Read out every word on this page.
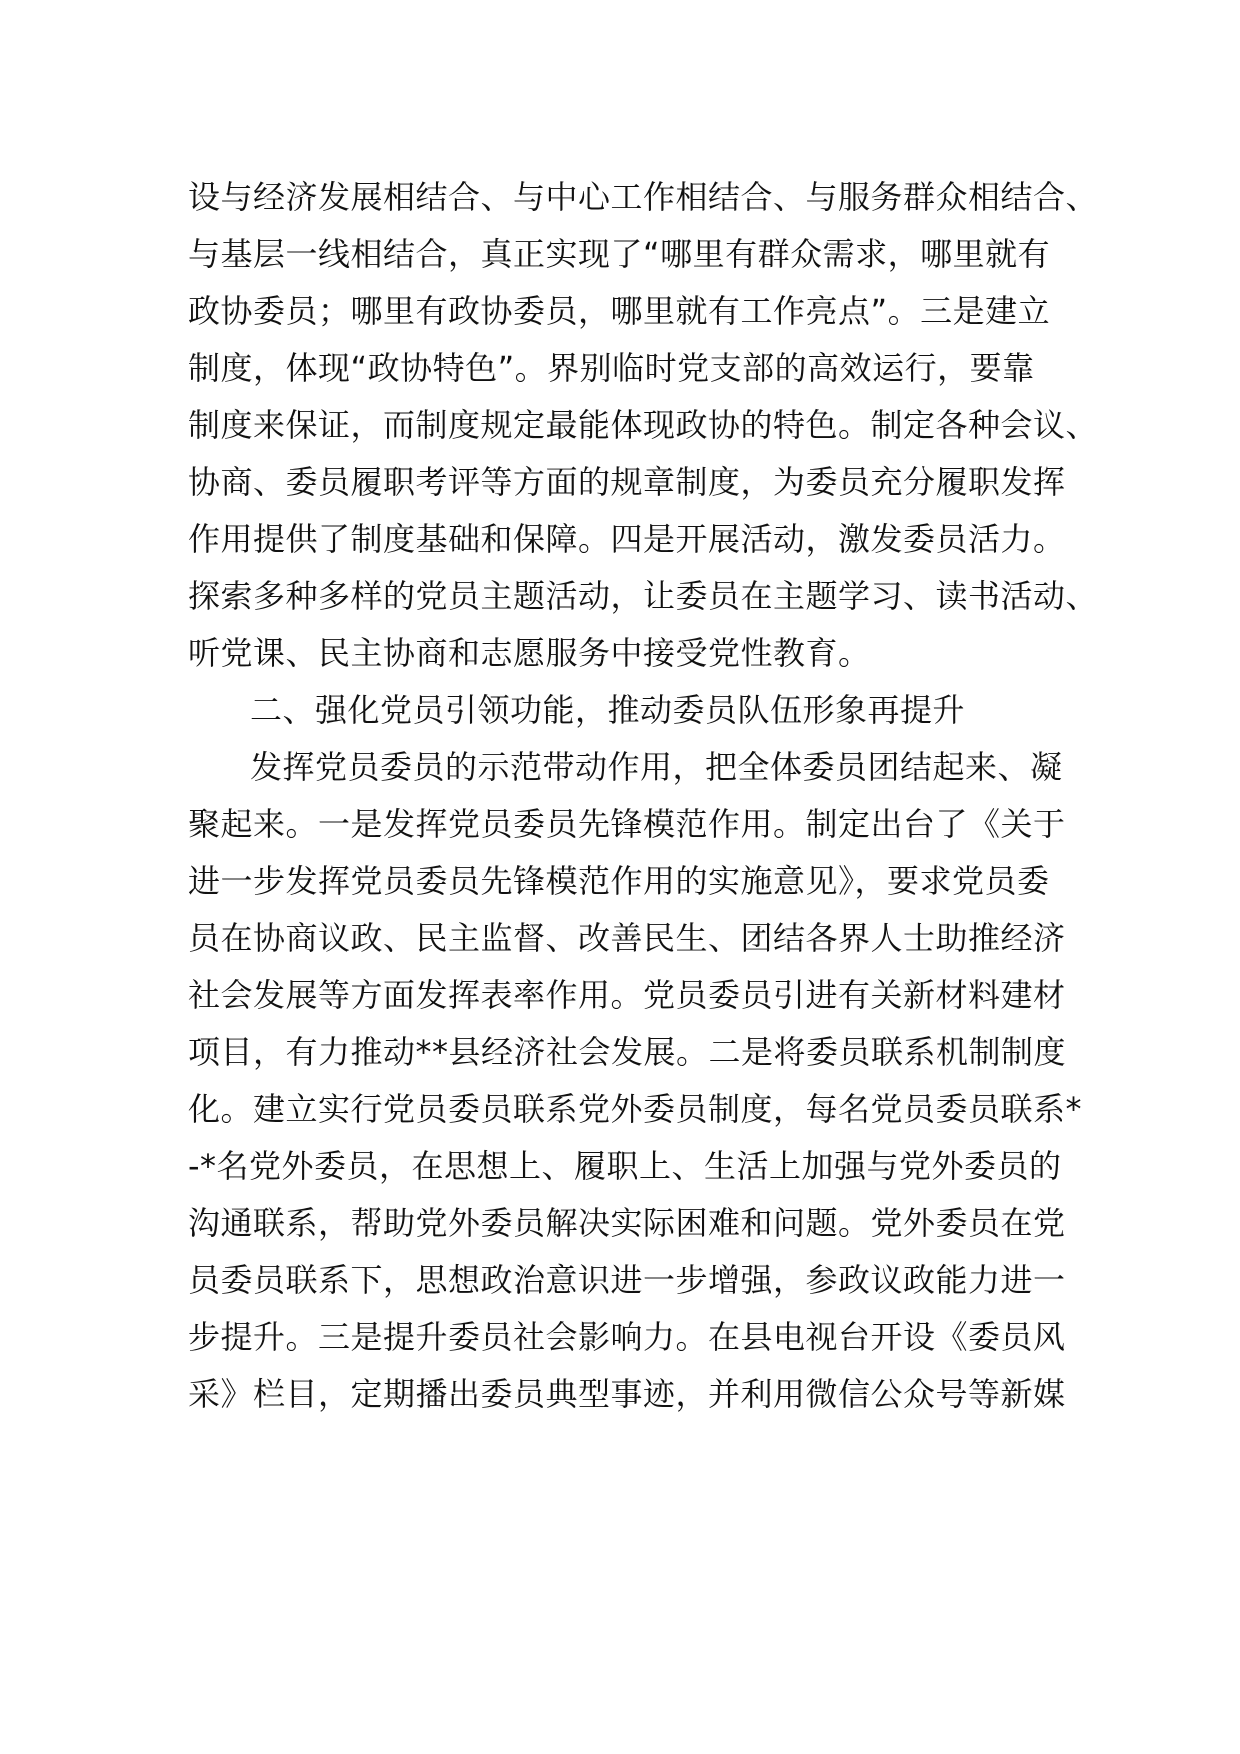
设与经济发展相结合、与中心工作相结合、与服务群众相结合、
与基层一线相结合，真正实现了“哪里有群众需求，哪里就有
政协委员；哪里有政协委员，哪里就有工作亮点”。三是建立
制度，体现“政协特色”。界别临时党支部的高效运行，要靠
制度来保证，而制度规定最能体现政协的特色。制定各种会议、
协商、委员履职考评等方面的规章制度，为委员充分履职发挥
作用提供了制度基础和保障。四是开展活动，激发委员活力。
探索多种多样的党员主题活动，让委员在主题学习、读书活动、
听党课、民主协商和志愿服务中接受党性教育。
二、强化党员引领功能，推动委员队伍形象再提升
发挥党员委员的示范带动作用，把全体委员团结起来、凝
聚起来。一是发挥党员委员先锋模范作用。制定出台了《关于
进一步发挥党员委员先锋模范作用的实施意见》，要求党员委
员在协商议政、民主监督、改善民生、团结各界人士助推经济
社会发展等方面发挥表率作用。党员委员引进有关新材料建材
项目，有力推动**县经济社会发展。二是将委员联系机制制度
化。建立实行党员委员联系党外委员制度，每名党员委员联系*
-*名党外委员，在思想上、履职上、生活上加强与党外委员的
沟通联系，帮助党外委员解决实际困难和问题。党外委员在党
员委员联系下，思想政治意识进一步增强，参政议政能力进一
步提升。三是提升委员社会影响力。在县电视台开设《委员风
采》栏目，定期播出委员典型事迹，并利用微信公众号等新媒
